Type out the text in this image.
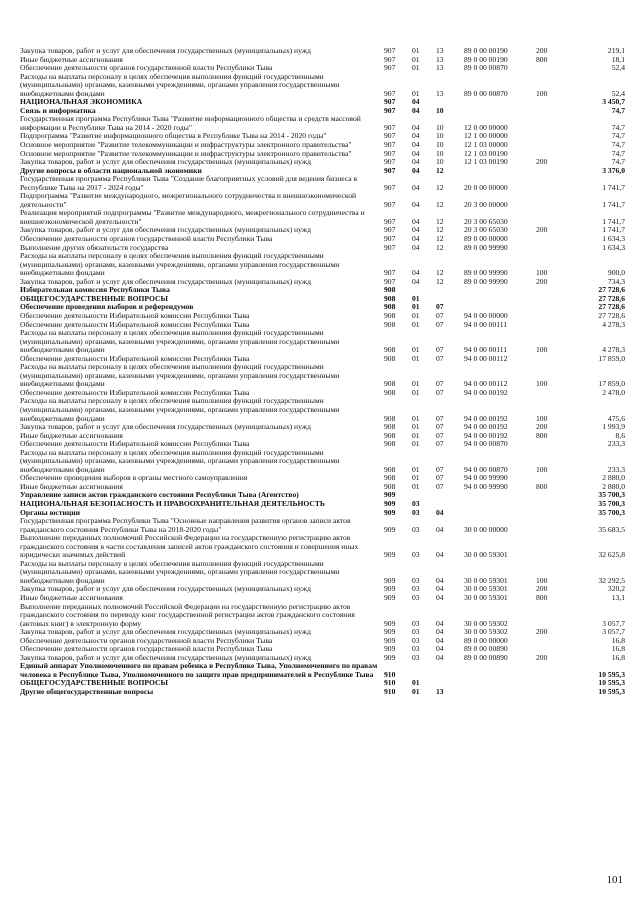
Закупка товаров, работ и услуг для обеспечения государственных (муниципальных) нужд	907	01	13	89 0 00 00190	200	219,1
Иные бюджетные ассигнования	907	01	13	89 0 00 00190	800	18,1
Обеспечение деятельности органов государственной власти Республики Тыва	907	01	13	89 0 00 00870		52,4
Расходы на выплаты персоналу в целях обеспечения выполнения функций государственными (муниципальными) органами, казенными учреждениями, органами управления государственными внебюджетными фондами	907	01	13	89 0 00 00870	100	52,4
НАЦИОНАЛЬНАЯ ЭКОНОМИКА	907	04				3 450,7
Связь и информатика	907	04	10			74,7
Государственная программа Республики Тыва "Развитие информационного общества и средств массовой информации в Республике Тыва на 2014 - 2020 годы"	907	04	10	12 0 00 00000		74,7
Подпрограмма "Развитие информационного общества в Республике Тыва на 2014 - 2020 годы"	907	04	10	12 1 00 00000		74,7
Основное мероприятие "Развитие телекоммуникации и инфраструктуры электронного правительства"	907	04	10	12 1 03 00000		74,7
Основное мероприятие "Развитие телекоммуникации и инфраструктуры электронного правительства"	907	04	10	12 1 03 00190		74,7
Закупка товаров, работ и услуг для обеспечения государственных (муниципальных) нужд	907	04	10	12 1 03 00190	200	74,7
Другие вопросы в области национальной экономики	907	04	12			3 376,0
Государственная программа Республики Тыва "Создание благоприятных условий для ведения бизнеса в Республике Тыва на 2017 - 2024 годы"	907	04	12	20 0 00 00000		1 741,7
Подпрограмма "Развитие международного, межрегионального сотрудничества и внешнеэкономической деятельности"	907	04	12	20 3 00 00000		1 741,7
Реализация мероприятий подпрограммы "Развитие международного, межрегионального сотрудничества и внешнеэкономической деятельности"	907	04	12	20 3 00 65030		1 741,7
Закупка товаров, работ и услуг для обеспечения государственных (муниципальных) нужд	907	04	12	20 3 00 65030	200	1 741,7
Обеспечение деятельности органов государственной власти Республики Тыва	907	04	12	89 0 00 00000		1 634,3
Выполнение других обязательств государства	907	04	12	89 0 00 99990		1 634,3
Расходы на выплаты персоналу в целях обеспечения выполнения функций государственными (муниципальными) органами, казенными учреждениями, органами управления государственными внебюджетными фондами	907	04	12	89 0 00 99990	100	900,0
Закупка товаров, работ и услуг для обеспечения государственных (муниципальных) нужд	907	04	12	89 0 00 99990	200	734,3
Избирательная комиссия Республики Тыва	908					27 728,6
ОБЩЕГОСУДАРСТВЕННЫЕ ВОПРОСЫ	908	01				27 728,6
Обеспечение проведения выборов и референдумов	908	01	07			27 728,6
Обеспечение деятельности Избирательной комиссии Республики Тыва	908	01	07	94 0 00 00000		27 728,6
Обеспечение деятельности Избирательной комиссии Республики Тыва	908	01	07	94 0 00 00111		4 278,3
Расходы на выплаты персоналу в целях обеспечения выполнения функций государственными (муниципальными) органами, казенными учреждениями, органами управления государственными внебюджетными фондами	908	01	07	94 0 00 00111	100	4 278,3
Обеспечение деятельности Избирательной комиссии Республики Тыва	908	01	07	94 0 00 00112		17 859,0
Расходы на выплаты персоналу в целях обеспечения выполнения функций государственными (муниципальными) органами, казенными учреждениями, органами управления государственными внебюджетными фондами	908	01	07	94 0 00 00112	100	17 859,0
Обеспечение деятельности Избирательной комиссии Республики Тыва	908	01	07	94 0 00 00192		2 478,0
Расходы на выплаты персоналу в целях обеспечения выполнения функций государственными (муниципальными) органами, казенными учреждениями, органами управления государственными внебюджетными фондами	908	01	07	94 0 00 00192	100	475,6
Закупка товаров, работ и услуг для обеспечения государственных (муниципальных) нужд	908	01	07	94 0 00 00192	200	1 993,9
Иные бюджетные ассигнования	908	01	07	94 0 00 00192	800	8,6
Обеспечение деятельности Избирательной комиссии Республики Тыва	908	01	07	94 0 00 00870		233,3
Расходы на выплаты персоналу в целях обеспечения выполнения функций государственными (муниципальными) органами, казенными учреждениями, органами управления государственными внебюджетными фондами	908	01	07	94 0 00 00870	100	233,3
Обеспечение проведения выборов в органы местного самоуправления	908	01	07	94 0 00 99990		2 880,0
Иные бюджетные ассигнования	908	01	07	94 0 00 99990	800	2 880,0
Управление записи актов гражданского состояния Республики Тыва (Агентство)	909					35 700,3
НАЦИОНАЛЬНАЯ БЕЗОПАСНОСТЬ И ПРАВООХРАНИТЕЛЬНАЯ ДЕЯТЕЛЬНОСТЬ	909	03				35 700,3
Органы юстиции	909	03	04			35 700,3
Государственная программа Республики Тыва "Основные направления развития органов записи актов гражданского состояния Республики Тыва на 2018-2020 годы"	909	03	04	30 0 00 00000		35 683,5
Выполнение переданных полномочий Российской Федерации на государственную регистрацию актов гражданского состояния в части составления записей актов гражданского состояния и совершения иных юридически значимых действий	909	03	04	30 0 00 59301		32 625,8
Расходы на выплаты персоналу в целях обеспечения выполнения функций государственными (муниципальными) органами, казенными учреждениями, органами управления государственными внебюджетными фондами	909	03	04	30 0 00 59301	100	32 292,5
Закупка товаров, работ и услуг для обеспечения государственных (муниципальных) нужд	909	03	04	30 0 00 59301	200	320,2
Иные бюджетные ассигнования	909	03	04	30 0 00 59301	800	13,1
Выполнение переданных полномочий Российской Федерации на государственную регистрацию актов гражданского состояния по переводу книг государственной регистрации актов гражданского состояния (актовых книг) в электронную форму	909	03	04	30 0 00 59302		3 057,7
Закупка товаров, работ и услуг для обеспечения государственных (муниципальных) нужд	909	03	04	30 0 00 59302	200	3 057,7
Обеспечение деятельности органов государственной власти Республики Тыва	909	03	04	89 0 00 00000		16,8
Обеспечение деятельности органов государственной власти Республики Тыва	909	03	04	89 0 00 00890		16,8
Закупка товаров, работ и услуг для обеспечения государственных (муниципальных) нужд	909	03	04	89 0 00 00890	200	16,8
Единый аппарат Уполномоченного по правам ребенка в Республике Тыва, Уполномоченного по правам человека в Республике Тыва, Уполномоченного по защите прав предпринимателей в Республике Тыва	910					10 595,3
ОБЩЕГОСУДАРСТВЕННЫЕ ВОПРОСЫ	910	01				10 595,3
Другие общегосударственные вопросы	910	01	13			10 595,3
101
